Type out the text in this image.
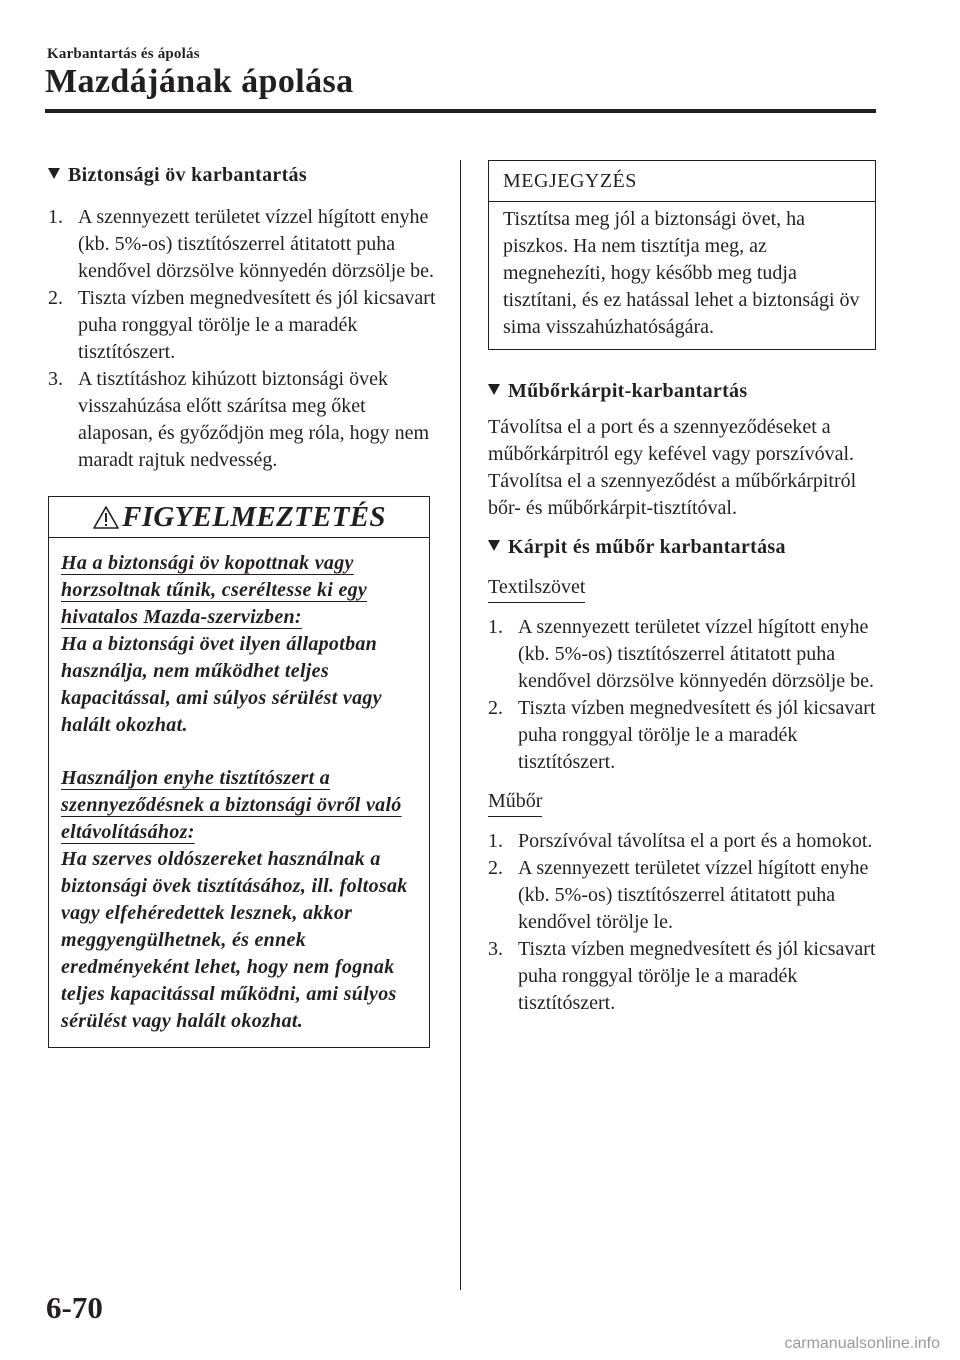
Karbantartás és ápolás
Mazdájának ápolása
Biztonsági öv karbantartás
1. A szennyezett területet vízzel hígított enyhe (kb. 5%-os) tisztítószerrel átitatott puha kendővel dörzsölve könnyedén dörzsölje be.
2. Tiszta vízben megnedvesített és jól kicsavart puha ronggyal törölje le a maradék tisztítószert.
3. A tisztításhoz kihúzott biztonsági övek visszahúzása előtt szárítsa meg őket alaposan, és győződjön meg róla, hogy nem maradt rajtuk nedvesség.
FIGYELMEZTETÉS
Ha a biztonsági öv kopottnak vagy horzsoltnak tűnik, cseréltesse ki egy hivatalos Mazda-szervizben:
Ha a biztonsági övet ilyen állapotban használja, nem működhet teljes kapacitással, ami súlyos sérülést vagy halált okozhat.
Használjon enyhe tisztítószert a szennyeződésnek a biztonsági övről való eltávolításához:
Ha szerves oldószereket használnak a biztonsági övek tisztításához, ill. foltosak vagy elfehéredettek lesznek, akkor meggyengülhetnek, és ennek eredményeként lehet, hogy nem fognak teljes kapacitással működni, ami súlyos sérülést vagy halált okozhat.
MEGJEGYZÉS
Tisztítsa meg jól a biztonsági övet, ha piszkos. Ha nem tisztítja meg, az megnehezíti, hogy később meg tudja tisztítani, és ez hatással lehet a biztonsági öv sima visszahúzhatóságára.
Műbőrkárpit-karbantartás
Távolítsa el a port és a szennyeződéseket a műbőrkárpitról egy kefével vagy porszívóval.
Távolítsa el a szennyeződést a műbőrkárpitról bőr- és műbőrkárpit-tisztítóval.
Kárpit és műbőr karbantartása
Textilszövet
1. A szennyezett területet vízzel hígított enyhe (kb. 5%-os) tisztítószerrel átitatott puha kendővel dörzsölve könnyedén dörzsölje be.
2. Tiszta vízben megnedvesített és jól kicsavart puha ronggyal törölje le a maradék tisztítószert.
Műbőr
1. Porszívóval távolítsa el a port és a homokot.
2. A szennyezett területet vízzel hígított enyhe (kb. 5%-os) tisztítószerrel átitatott puha kendővel törölje le.
3. Tiszta vízben megnedvesített és jól kicsavart puha ronggyal törölje le a maradék tisztítószert.
6-70
carmanualsonline.info
